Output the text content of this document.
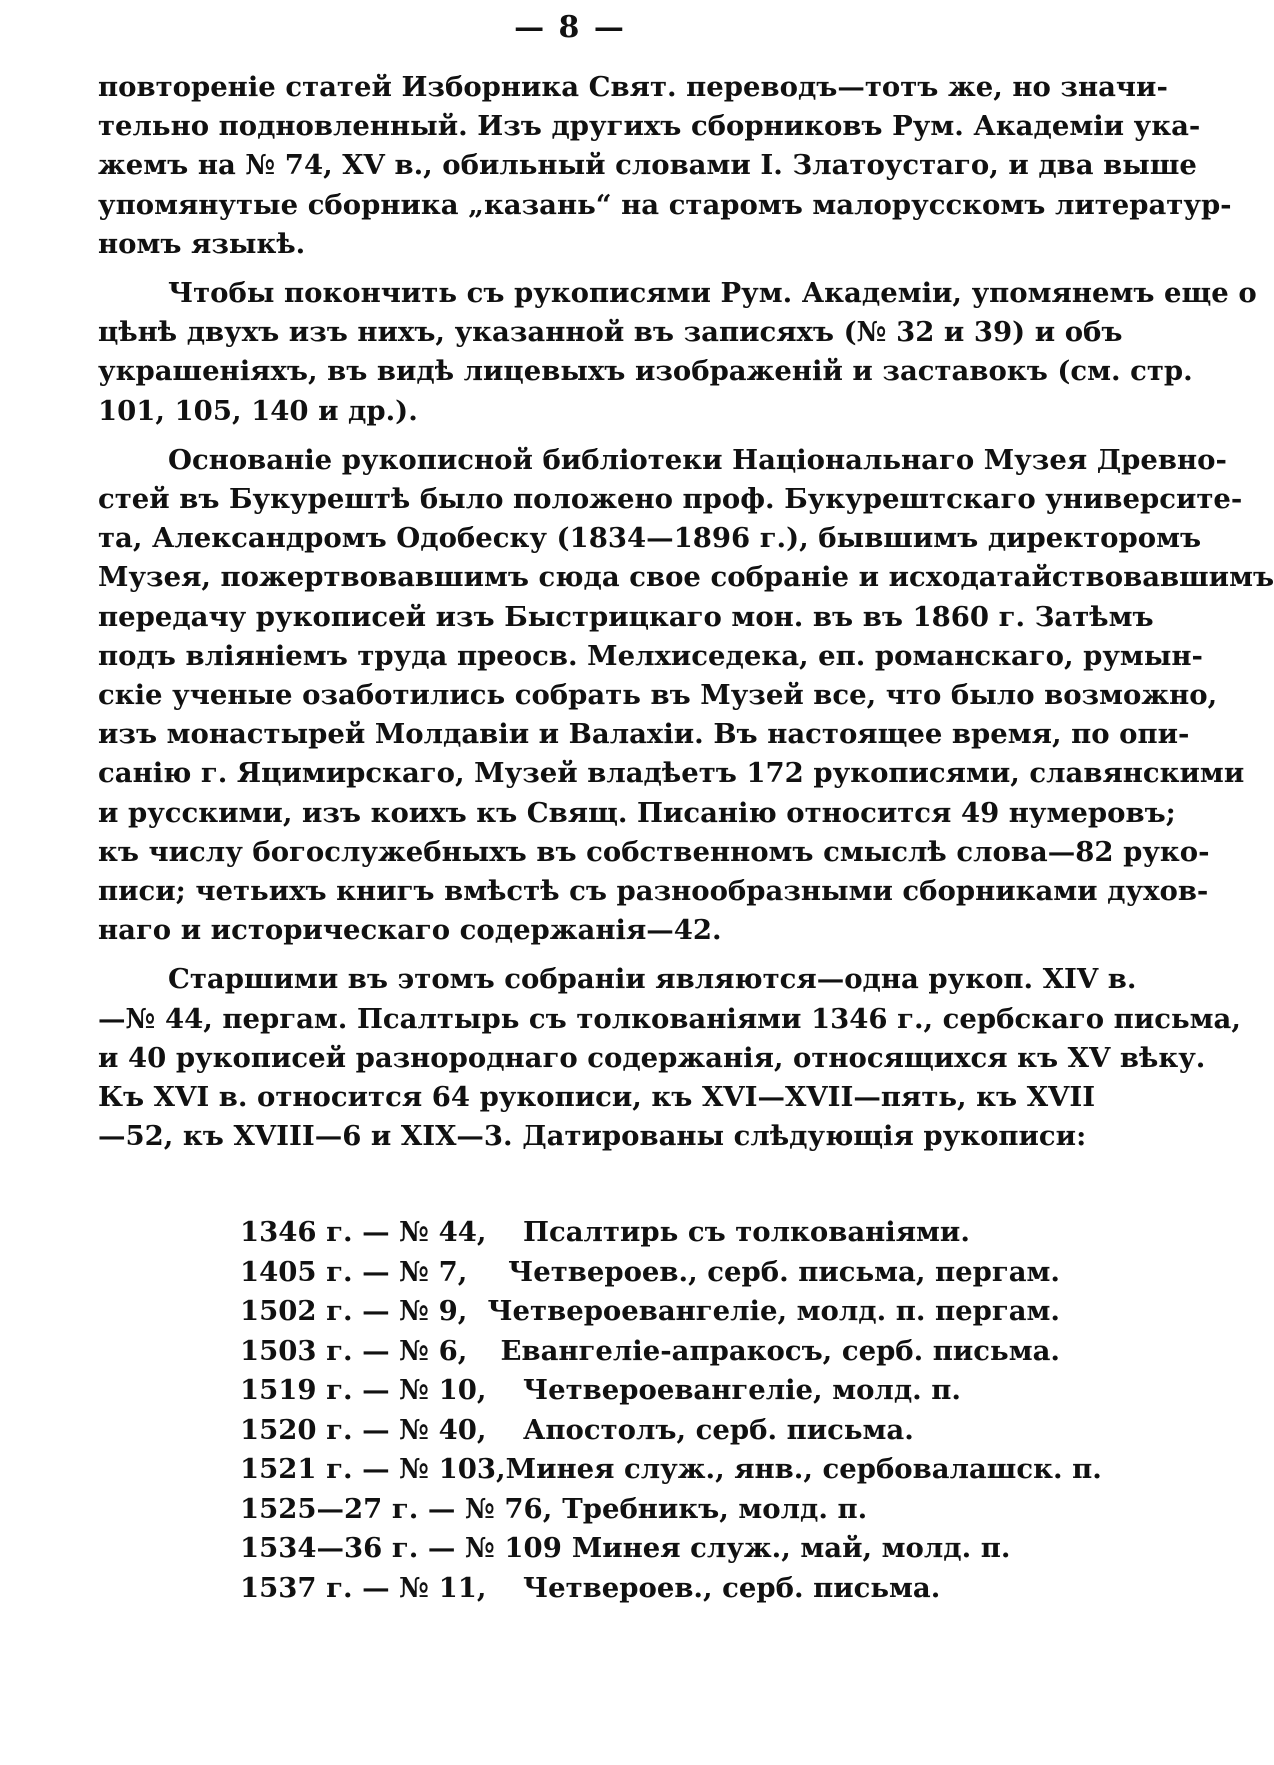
— 8 —
повторенiе статей Изборника Свят. переводъ—тотъ же, но значи-
тельно подновленный. Изъ другихъ сборниковъ Рум. Академiи ука-
жемъ на № 74, XV в., обильный словами I. Златоустаго, и два выше
упомянутые сборника „казань“ на старомъ малорусскомъ литератур-
номъ языкѣ.
Чтобы покончить съ рукописями Рум. Академiи, упомянемъ еще о
цѣнѣ двухъ изъ нихъ, указанной въ записяхъ (№ 32 и 39) и объ
украшенiяхъ, въ видѣ лицевыхъ изображенiй и заставокъ (см. стр.
101, 105, 140 и др.).
Основанiе рукописной библiотеки Нацiональнаго Музея Древно-
стей въ Букурештѣ было положено проф. Букурештскаго университе-
та, Александромъ Одобеску (1834—1896 г.), бывшимъ директоромъ
Музея, пожертвовавшимъ сюда свое собранiе и исходатайствовавшимъ
передачу рукописей изъ Быстрицкаго мон. въ въ 1860 г. Затѣмъ
подъ влiянiемъ труда преосв. Мелхиседека, еп. романскаго, румын-
скiе ученые озаботились собрать въ Музей все, что было возможно,
изъ монастырей Молдавiи и Валахiи. Въ настоящее время, по опи-
санiю г. Яцимирскаго, Музей владѣетъ 172 рукописями, славянскими
и русскими, изъ коихъ къ Свящ. Писанiю относится 49 нумеровъ;
къ числу богослужебныхъ въ собственномъ смыслѣ слова—82 руко-
писи; четьихъ книгъ вмѣстѣ съ разнообразными сборниками духов-
наго и историческаго содержанiя—42.
Старшими въ этомъ собранiи являются—одна рукоп. XIV в.
—№ 44, пергам. Псалтырь съ толкованiями 1346 г., сербскаго письма,
и 40 рукописей разнороднаго содержанiя, относящихся къ XV вѣку.
Къ XVI в. относится 64 рукописи, къ XVI—XVII—пять, къ XVII
—52, къ XVIII—6 и XIX—3. Датированы слѣдующiя рукописи:
1346 г. — № 44,	Псалтирь съ толкованiями.
1405 г. — № 7,	Четвероев., серб. письма, пергам.
1502 г. — № 9, Четвероевангелiе, молд. п. пергам.
1503 г. — № 6,	Евангелiе-апракосъ, серб. письма.
1519 г. — № 10,	Четвероевангелiе, молд. п.
1520 г. — № 40,	Апостолъ, серб. письма.
1521 г. — № 103, Минея служ., янв., сербовалашск. п.
1525—27 г. — № 76, Требникъ, молд. п.
1534—36 г. — № 109 Минея служ., май, молд. п.
1537 г. — № 11,	Четвероев., серб. письма.
